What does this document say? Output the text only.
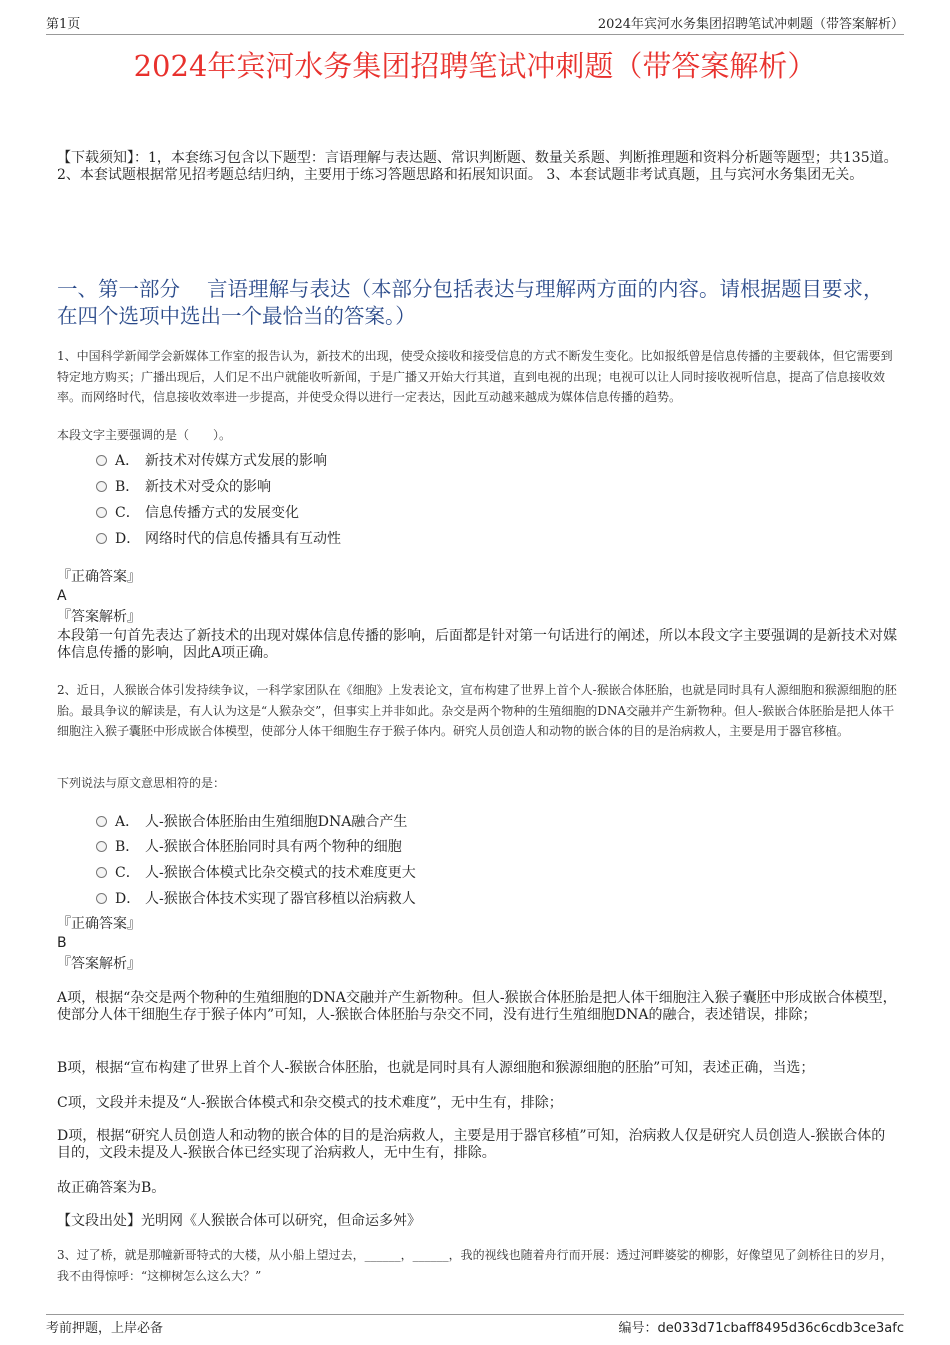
第1页	2024年宾河水务集团招聘笔试冲刺题（带答案解析）
2024年宾河水务集团招聘笔试冲刺题（带答案解析）
【下载须知】：1，本套练习包含以下题型：言语理解与表达题、常识判断题、数量关系题、判断推理题和资料分析题等题型；共135道。 2、本套试题根据常见招考题总结归纳，主要用于练习答题思路和拓展知识面。 3、本套试题非考试真题，且与宾河水务集团无关。
一、第一部分　 言语理解与表达（本部分包括表达与理解两方面的内容。请根据题目要求，在四个选项中选出一个最恰当的答案。）
1、中国科学新闻学会新媒体工作室的报告认为，新技术的出现，使受众接收和接受信息的方式不断发生变化。比如报纸曾是信息传播的主要载体，但它需要到特定地方购买；广播出现后，人们足不出户就能收听新闻，于是广播又开始大行其道，直到电视的出现；电视可以让人同时接收视听信息，提高了信息接收效率。而网络时代，信息接收效率进一步提高，并使受众得以进行一定表达，因此互动越来越成为媒体信息传播的趋势。
本段文字主要强调的是（　　）。
A． 新技术对传媒方式发展的影响
B． 新技术对受众的影响
C． 信息传播方式的发展变化
D． 网络时代的信息传播具有互动性
『正确答案』
A
『答案解析』
本段第一句首先表达了新技术的出现对媒体信息传播的影响，后面都是针对第一句话进行的阐述，所以本段文字主要强调的是新技术对媒体信息传播的影响，因此A项正确。
2、近日，人猴嵌合体引发持续争议，一科学家团队在《细胞》上发表论文，宣布构建了世界上首个人-猴嵌合体胚胎，也就是同时具有人源细胞和猴源细胞的胚胎。最具争议的解读是，有人认为这是“人猴杂交”，但事实上并非如此。杂交是两个物种的生殖细胞的DNA交融并产生新物种。但人-猴嵌合体胚胎是把人体干细胞注入猴子囊胚中形成嵌合体模型，使部分人体干细胞生存于猴子体内。研究人员创造人和动物的嵌合体的目的是治病救人，主要是用于器官移植。
下列说法与原文意思相符的是：
A． 人-猴嵌合体胚胎由生殖细胞DNA融合产生
B． 人-猴嵌合体胚胎同时具有两个物种的细胞
C． 人-猴嵌合体模式比杂交模式的技术难度更大
D． 人-猴嵌合体技术实现了器官移植以治病救人
『正确答案』
B
『答案解析』
A项，根据“杂交是两个物种的生殖细胞的DNA交融并产生新物种。但人-猴嵌合体胚胎是把人体干细胞注入猴子囊胚中形成嵌合体模型，使部分人体干细胞生存于猴子体内”可知，人-猴嵌合体胚胎与杂交不同，没有进行生殖细胞DNA的融合，表述错误，排除；
B项，根据“宣布构建了世界上首个人-猴嵌合体胚胎，也就是同时具有人源细胞和猴源细胞的胚胎”可知，表述正确，当选；
C项，文段并未提及“人-猴嵌合体模式和杂交模式的技术难度”，无中生有，排除；
D项，根据“研究人员创造人和动物的嵌合体的目的是治病救人，主要是用于器官移植”可知，治病救人仅是研究人员创造人-猴嵌合体的目的，文段未提及人-猴嵌合体已经实现了治病救人，无中生有，排除。
故正确答案为B。
【文段出处】光明网《人猴嵌合体可以研究，但命运多舛》
3、过了桥，就是那幢新哥特式的大楼，从小船上望过去，______，______，我的视线也随着舟行而开展：透过河畔婆娑的柳影，好像望见了剑桥往日的岁月，我不由得惊呼：“这柳树怎么这么大？”
考前押题，上岸必备	编号：de033d71cbaff8495d36c6cdb3ce3afc
